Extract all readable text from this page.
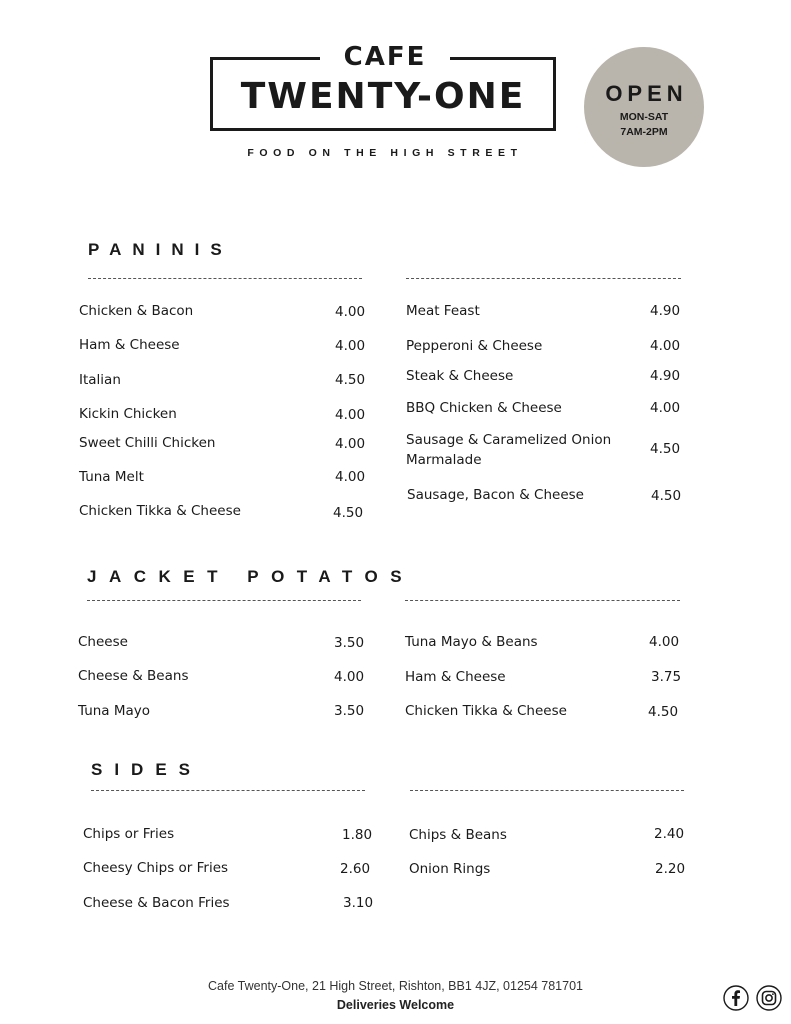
CAFE
TWENTY-ONE
FOOD ON THE HIGH STREET
OPEN
MON-SAT
7AM-2PM
PANINIS
JACKET POTATOS
SIDES
Chicken & Bacon	4.00
Ham & Cheese	4.00
Italian	4.50
Kickin Chicken	4.00
Sweet Chilli Chicken	4.00
Tuna Melt	4.00
Chicken Tikka & Cheese	4.50
Meat Feast	4.90
Pepperoni & Cheese	4.00
Steak & Cheese	4.90
BBQ Chicken & Cheese	4.00
Sausage & Caramelized Onion Marmalade
4.50
Sausage, Bacon & Cheese	4.50
Cheese	3.50
Cheese & Beans	4.00
Tuna Mayo	3.50
Tuna Mayo & Beans	4.00
Ham & Cheese	3.75
Chicken Tikka & Cheese	4.50
Chips or Fries	1.80
Cheesy Chips or Fries	2.60
Cheese & Bacon Fries	3.10
Chips & Beans	2.40
Onion Rings	2.20
Cafe Twenty-One, 21 High Street, Rishton, BB1 4JZ, 01254 781701
Deliveries Welcome
